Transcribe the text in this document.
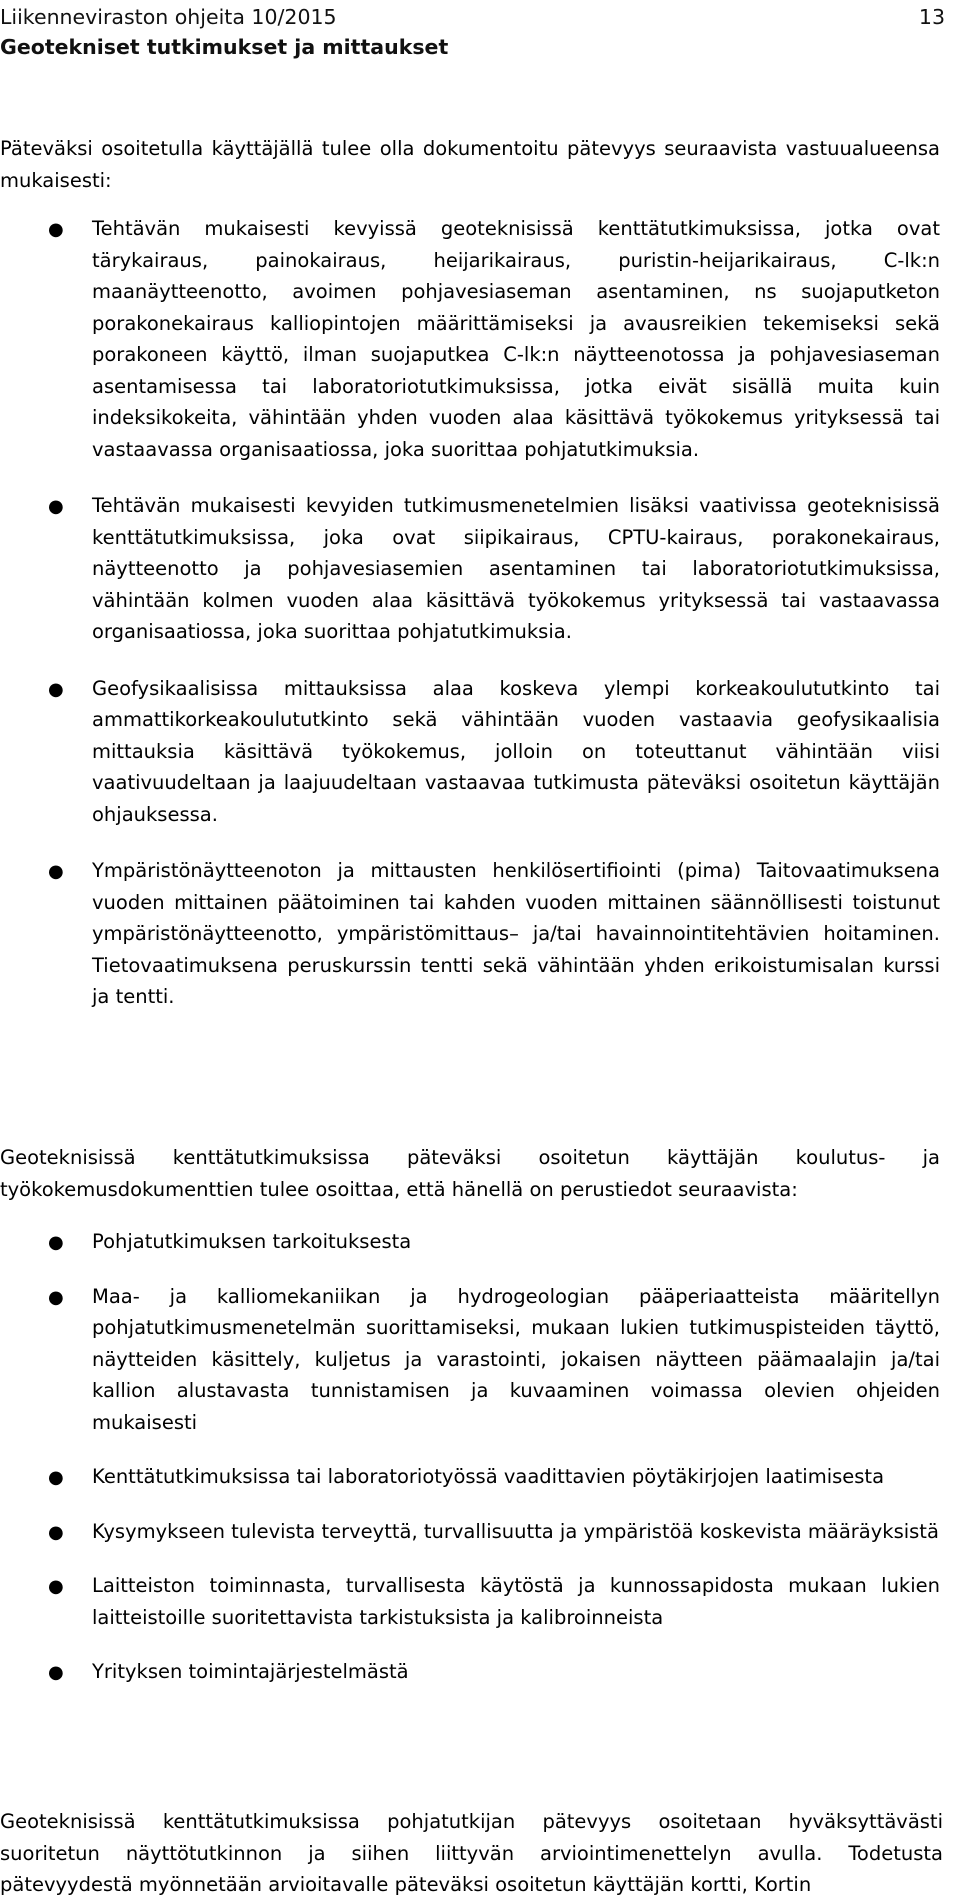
Liikenneviraston ohjeita 10/2015	13
Geotekniset tutkimukset ja mittaukset

Päteväksi osoitetulla käyttäjällä tulee olla dokumentoitu pätevyys seuraavista vastuualueensa mukaisesti:

● Tehtävän mukaisesti kevyissä geoteknisissä kenttätutkimuksissa, jotka ovat tärykairaus, painokairaus, heijarikairaus, puristin-heijarikairaus, C-lk:n maanäytteenotto, avoimen pohjavesiaseman asentaminen, ns suojaputketon porakonekairaus kalliopintojen määrittämiseksi ja avausreikien tekemiseksi sekä porakoneen käyttö, ilman suojaputkea C-lk:n näytteenotossa ja pohjavesiaseman asentamisessa tai laboratoriotutkimuksissa, jotka eivät sisällä muita kuin indeksikokeita, vähintään yhden vuoden alaa käsittävä työkokemus yrityksessä tai vastaavassa organisaatiossa, joka suorittaa pohjatutkimuksia.
● Tehtävän mukaisesti kevyiden tutkimusmenetelmien lisäksi vaativissa geoteknisissä kenttätutkimuksissa, joka ovat siipikairaus, CPTU-kairaus, porakonekairaus, näytteenotto ja pohjavesiasemien asentaminen tai laboratoriotutkimuksissa, vähintään kolmen vuoden alaa käsittävä työkokemus yrityksessä tai vastaavassa organisaatiossa, joka suorittaa pohjatutkimuksia.
● Geofysikaalisissa mittauksissa alaa koskeva ylempi korkeakoulututkinto tai ammattikorkeakoulututkinto sekä vähintään vuoden vastaavia geofysikaalisia mittauksia käsittävä työkokemus, jolloin on toteuttanut vähintään viisi vaativuudeltaan ja laajuudeltaan vastaavaa tutkimusta päteväksi osoitetun käyttäjän ohjauksessa.
● Ympäristönäytteenoton ja mittausten henkilösertifiointi (pima) Taitovaatimuksena vuoden mittainen päätoiminen tai kahden vuoden mittainen säännöllisesti toistunut ympäristönäytteenotto, ympäristömittaus– ja/tai havainnointitehtävien hoitaminen. Tietovaatimuksena peruskurssin tentti sekä vähintään yhden erikoistumisalan kurssi ja tentti.

Geoteknisissä kenttätutkimuksissa päteväksi osoitetun käyttäjän koulutus- ja työkokemusdokumenttien tulee osoittaa, että hänellä on perustiedot seuraavista:

● Pohjatutkimuksen tarkoituksesta
● Maa- ja kalliomekaniikan ja hydrogeologian pääperiaatteista määritellyn pohjatutkimusmenetelmän suorittamiseksi, mukaan lukien tutkimuspisteiden täyttö, näytteiden käsittely, kuljetus ja varastointi, jokaisen näytteen päämaalajin ja/tai kallion alustavasta tunnistamisen ja kuvaaminen voimassa olevien ohjeiden mukaisesti
● Kenttätutkimuksissa tai laboratoriotyössä vaadittavien pöytäkirjojen laatimisesta
● Kysymykseen tulevista terveyttä, turvallisuutta ja ympäristöä koskevista määräyksistä
● Laitteiston toiminnasta, turvallisesta käytöstä ja kunnossapidosta mukaan lukien laitteistoille suoritettavista tarkistuksista ja kalibroinneista
● Yrityksen toimintajärjestelmästä

Geoteknisissä kenttätutkimuksissa pohjatutkijan pätevyys osoitetaan hyväksyttävästi suoritetun näyttötutkinnon ja siihen liittyvän arviointimenettelyn avulla. Todetusta pätevyydestä myönnetään arvioitavalle päteväksi osoitetun käyttäjän kortti, Kortin
